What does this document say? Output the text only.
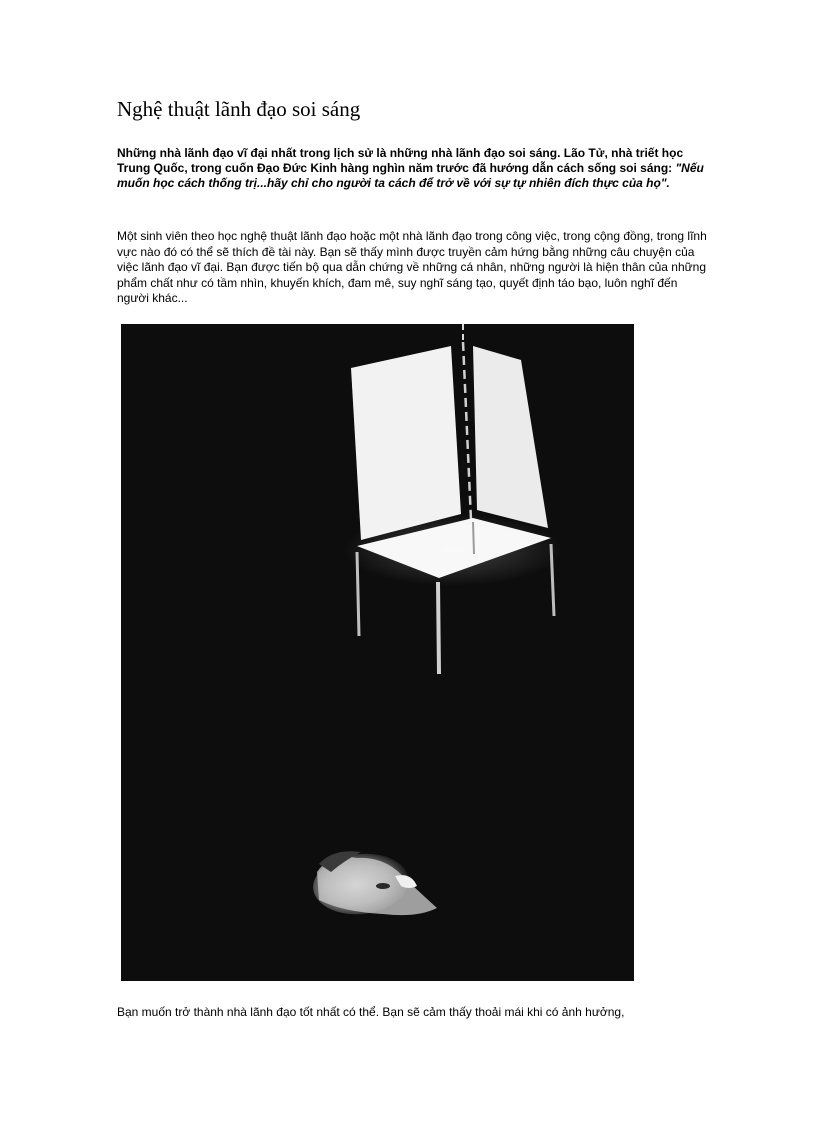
Nghệ thuật lãnh đạo soi sáng

Những nhà lãnh đạo vĩ đại nhất trong lịch sử là những nhà lãnh đạo soi sáng. Lão Tử, nhà triết học Trung Quốc, trong cuốn Đạo Đức Kinh hàng nghìn năm trước đã hướng dẫn cách sống soi sáng: "Nếu muốn học cách thống trị...hãy chỉ cho người ta cách để trở về với sự tự nhiên đích thực của họ".

Một sinh viên theo học nghệ thuật lãnh đạo hoặc một nhà lãnh đạo trong công việc, trong cộng đồng, trong lĩnh vực nào đó có thể sẽ thích đề tài này. Bạn sẽ thấy mình được truyền cảm hứng bằng những câu chuyện của việc lãnh đạo vĩ đại. Bạn được tiến bộ qua dẫn chứng về những cá nhân, những người là hiện thân của những phẩm chất như có tầm nhìn, khuyến khích, đam mê, suy nghĩ sáng tạo, quyết định táo bạo, luôn nghĩ đến người khác...

Bạn muốn trở thành nhà lãnh đạo tốt nhất có thể. Bạn sẽ cảm thấy thoải mái khi có ảnh hưởng,
